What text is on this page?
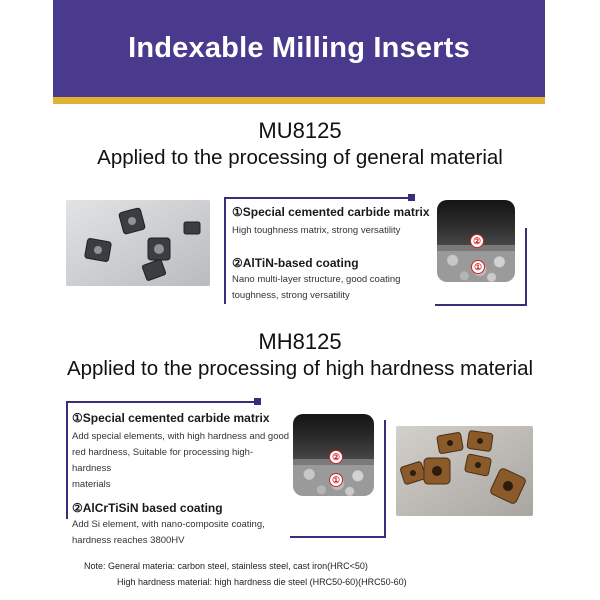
Indexable Milling Inserts
MU8125
Applied to the processing of general material
①Special cemented carbide matrix
High toughness matrix, strong versatility
②AlTiN-based coating
Nano multi-layer structure, good coating
toughness, strong versatility
②
①
MH8125
Applied to the processing of high hardness material
①Special cemented carbide matrix
Add special elements, with high hardness and good
red hardness, Suitable for processing high-hardness
materials
②AlCrTiSiN based coating
Add Si element, with nano-composite coating,
hardness reaches 3800HV
②
①
Note: General materia: carbon steel, stainless steel, cast iron(HRC<50)
High hardness material: high hardness die steel (HRC50-60)(HRC50-60)
